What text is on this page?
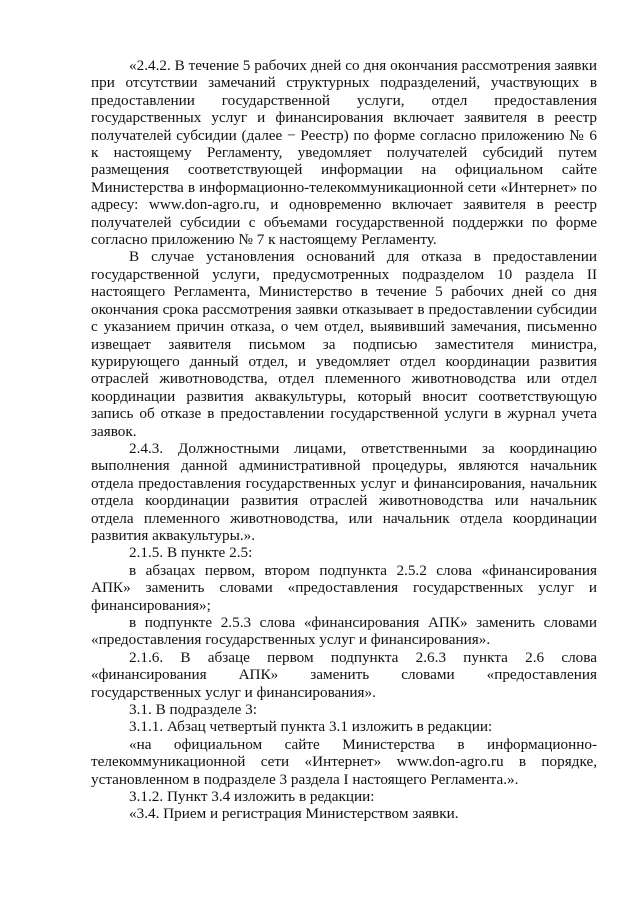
«2.4.2. В течение 5 рабочих дней со дня окончания рассмотрения заявки при отсутствии замечаний структурных подразделений, участвующих в предоставлении государственной услуги, отдел предоставления государственных услуг и финансирования включает заявителя в реестр получателей субсидии (далее − Реестр) по форме согласно приложению № 6 к настоящему Регламенту, уведомляет получателей субсидий путем размещения соответствующей информации на официальном сайте Министерства в информационно-телекоммуникационной сети «Интернет» по адресу: www.don-agro.ru, и одновременно включает заявителя в реестр получателей субсидии с объемами государственной поддержки по форме согласно приложению № 7 к настоящему Регламенту.

В случае установления оснований для отказа в предоставлении государственной услуги, предусмотренных подразделом 10 раздела II настоящего Регламента, Министерство в течение 5 рабочих дней со дня окончания срока рассмотрения заявки отказывает в предоставлении субсидии с указанием причин отказа, о чем отдел, выявивший замечания, письменно извещает заявителя письмом за подписью заместителя министра, курирующего данный отдел, и уведомляет отдел координации развития отраслей животноводства, отдел племенного животноводства или отдел координации развития аквакультуры, который вносит соответствующую запись об отказе в предоставлении государственной услуги в журнал учета заявок.

2.4.3. Должностными лицами, ответственными за координацию выполнения данной административной процедуры, являются начальник отдела предоставления государственных услуг и финансирования, начальник отдела координации развития отраслей животноводства или начальник отдела племенного животноводства, или начальник отдела координации развития аквакультуры.».

2.1.5. В пункте 2.5:

в абзацах первом, втором подпункта 2.5.2 слова «финансирования АПК» заменить словами «предоставления государственных услуг и финансирования»;

в подпункте 2.5.3 слова «финансирования АПК» заменить словами «предоставления государственных услуг и финансирования».

2.1.6. В абзаце первом подпункта 2.6.3 пункта 2.6 слова «финансирования АПК» заменить словами «предоставления государственных услуг и финансирования».

3.1. В подразделе 3:

3.1.1. Абзац четвертый пункта 3.1 изложить в редакции:

«на официальном сайте Министерства в информационно-телекоммуникационной сети «Интернет» www.don-agro.ru в порядке, установленном в подразделе 3 раздела I настоящего Регламента.».

3.1.2. Пункт 3.4 изложить в редакции:

«3.4. Прием и регистрация Министерством заявки.
